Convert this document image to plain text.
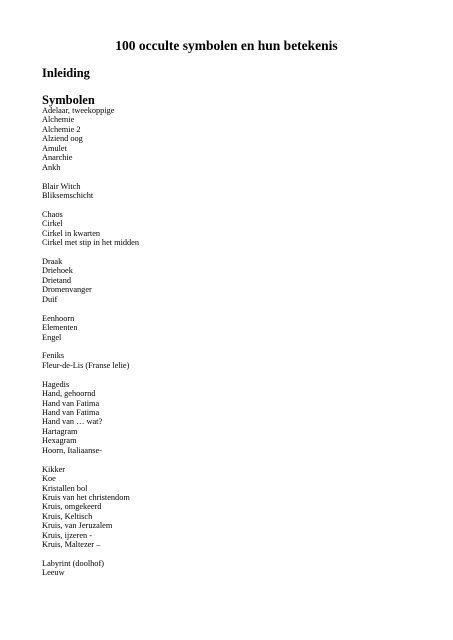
100 occulte symbolen en hun betekenis
Inleiding
Symbolen
Adelaar, tweekoppige
Alchemie
Alchemie 2
Alziend oog
Amulet
Anarchie
Ankh
Blair Witch
Bliksemschicht
Chaos
Cirkel
Cirkel in kwarten
Cirkel met stip in het midden
Draak
Driehoek
Drietand
Dromenvanger
Duif
Eenhoorn
Elementen
Engel
Feniks
Fleur-de-Lis (Franse lelie)
Hagedis
Hand, gehoornd
Hand van Fatima
Hand van Fatima
Hand van … wat?
Hartagram
Hexagram
Hoorn, Italiaanse-
Kikker
Koe
Kristallen bol
Kruis van het christendom
Kruis, omgekeerd
Kruis, Keltisch
Kruis, van Jeruzalem
Kruis, ijzeren -
Kruis, Maltezer –
Labyrint (doolhof)
Leeuw
